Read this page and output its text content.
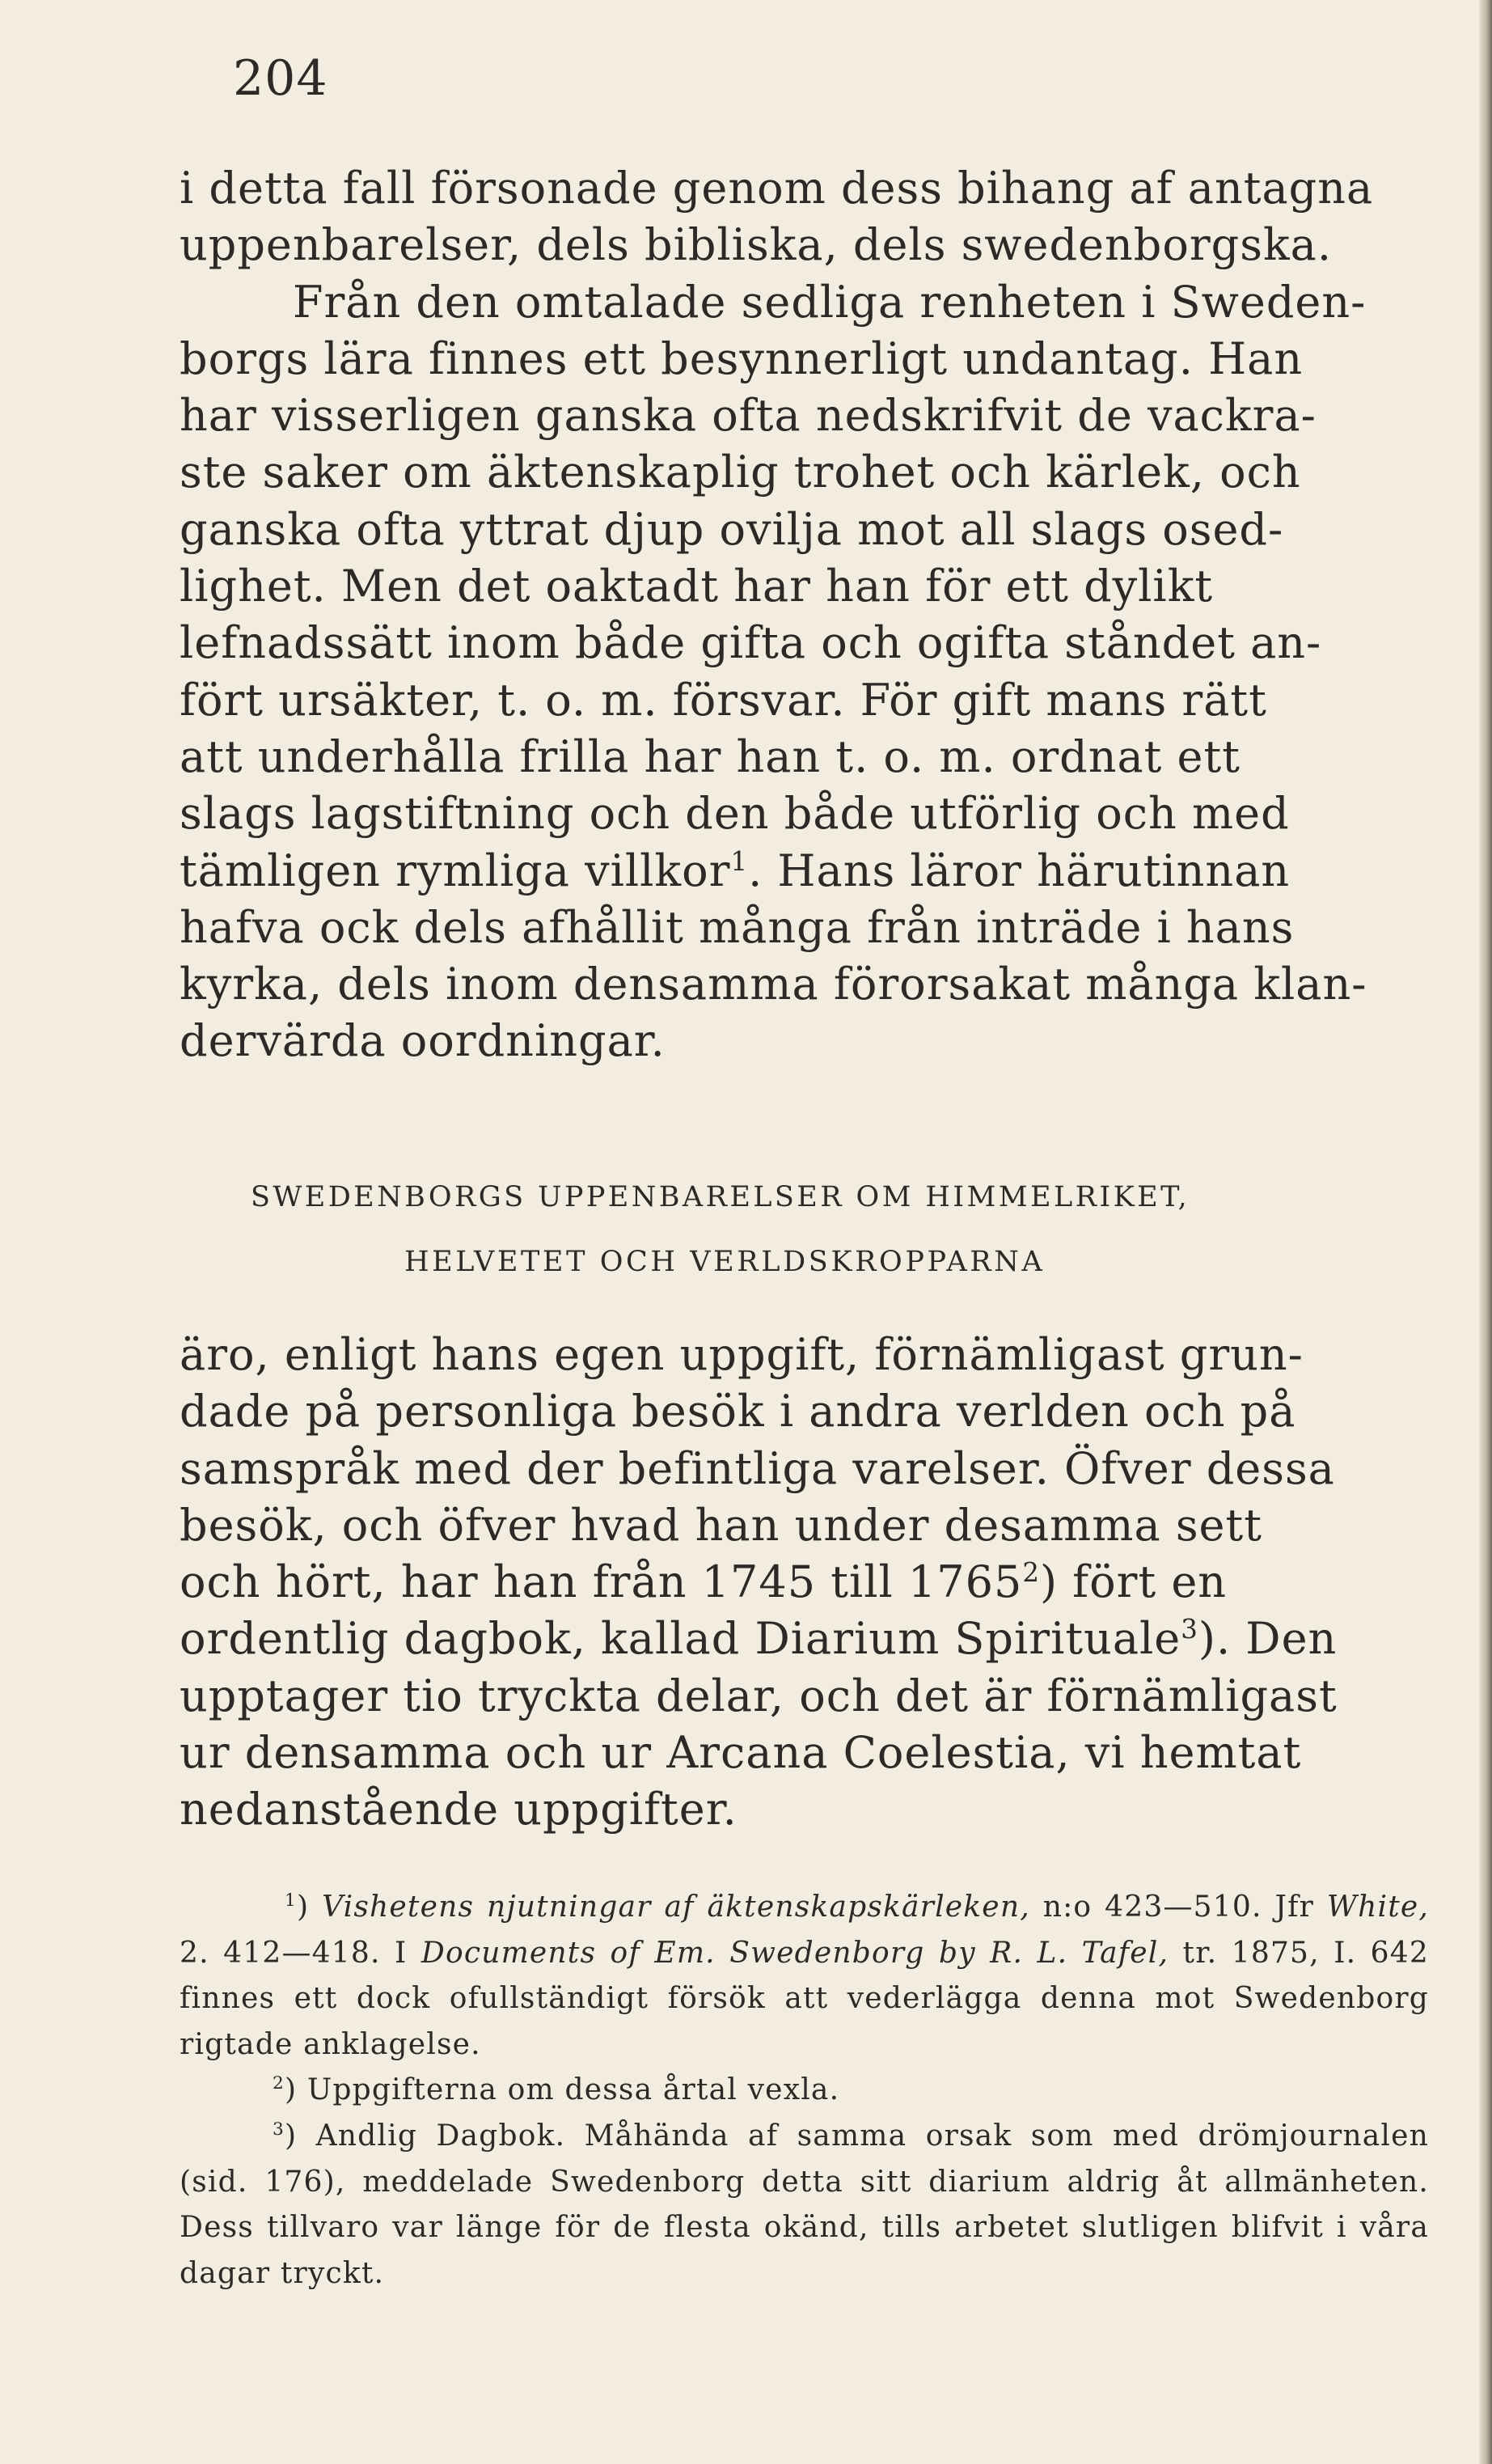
204

i detta fall försonade genom dess bihang af antagna
uppenbarelser, dels bibliska, dels swedenborgska.
Från den omtalade sedliga renheten i Sweden-
borgs lära finnes ett besynnerligt undantag. Han
har visserligen ganska ofta nedskrifvit de vackra-
ste saker om äktenskaplig trohet och kärlek, och
ganska ofta yttrat djup ovilja mot all slags osed-
lighet. Men det oaktadt har han för ett dylikt
lefnadssätt inom både gifta och ogifta ståndet an-
fört ursäkter, t. o. m. försvar. För gift mans rätt
att underhålla frilla har han t. o. m. ordnat ett
slags lagstiftning och den både utförlig och med
tämligen rymliga villkor$^1$. Hans läror härutinnan
hafva ock dels afhållit många från inträde i hans
kyrka, dels inom densamma förorsakat många klan-
dervärda oordningar.

SWEDENBORGS UPPENBARELSER OM HIMMELRIKET,
HELVETET OCH VERLDSKROPPARNA

äro, enligt hans egen uppgift, förnämligast grun-
dade på personliga besök i andra verlden och på
samspråk med der befintliga varelser. Öfver dessa
besök, och öfver hvad han under desamma sett
och hört, har han från 1745 till 1765$^2$) fört en
ordentlig dagbok, kallad Diarium Spirituale$^3$). Den
upptager tio tryckta delar, och det är förnämligast
ur densamma och ur Arcana Coelestia, vi hemtat
nedanstående uppgifter.

$^1$) Vishetens njutningar af äktenskapskärleken, n:o 423—510. Jfr White, 2. 412—418. I Documents of Em. Swedenborg by R. L. Tafel, tr. 1875, I. 642 finnes ett dock ofullständigt försök att vederlägga denna mot Swedenborg rigtade anklagelse.

$^2$) Uppgifterna om dessa årtal vexla.

$^3$) Andlig Dagbok. Måhända af samma orsak som med drömjournalen (sid. 176), meddelade Swedenborg detta sitt diarium aldrig åt allmänheten. Dess tillvaro var länge för de flesta okänd, tills arbetet slutligen blifvit i våra dagar tryckt.
